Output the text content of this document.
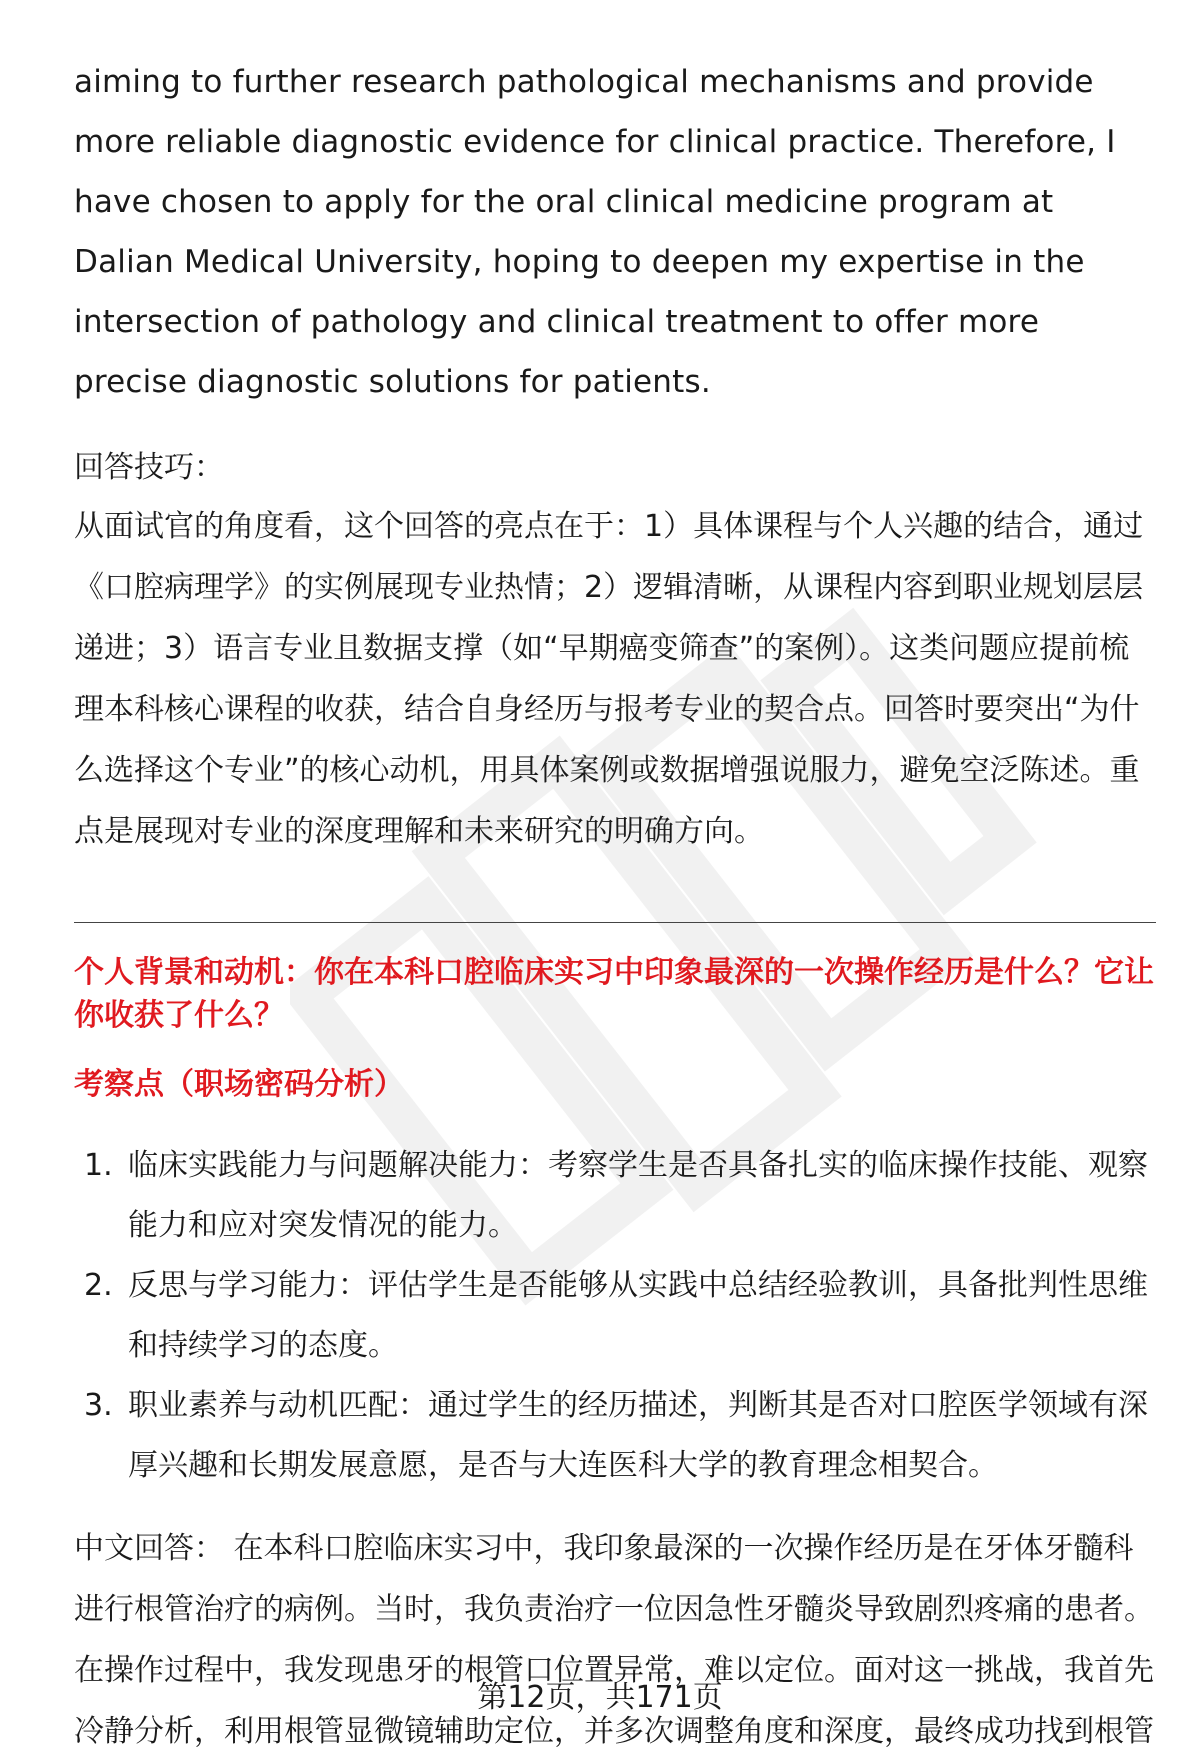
aiming to further research pathological mechanisms and provide more reliable diagnostic evidence for clinical practice. Therefore, I have chosen to apply for the oral clinical medicine program at Dalian Medical University, hoping to deepen my expertise in the intersection of pathology and clinical treatment to offer more precise diagnostic solutions for patients.

回答技巧：

从面试官的角度看，这个回答的亮点在于：1）具体课程与个人兴趣的结合，通过《口腔病理学》的实例展现专业热情；2）逻辑清晰，从课程内容到职业规划层层递进；3）语言专业且数据支撑（如“早期癌变筛查”的案例）。这类问题应提前梳理本科核心课程的收获，结合自身经历与报考专业的契合点。回答时要突出“为什么选择这个专业”的核心动机，用具体案例或数据增强说服力，避免空泛陈述。重点是展现对专业的深度理解和未来研究的明确方向。

个人背景和动机：你在本科口腔临床实习中印象最深的一次操作经历是什么？它让你收获了什么？

考察点（职场密码分析）

1. 临床实践能力与问题解决能力：考察学生是否具备扎实的临床操作技能、观察能力和应对突发情况的能力。
2. 反思与学习能力：评估学生是否能够从实践中总结经验教训，具备批判性思维和持续学习的态度。
3. 职业素养与动机匹配：通过学生的经历描述，判断其是否对口腔医学领域有深厚兴趣和长期发展意愿，是否与大连医科大学的教育理念相契合。

中文回答： 在本科口腔临床实习中，我印象最深的一次操作经历是在牙体牙髓科进行根管治疗的病例。当时，我负责治疗一位因急性牙髓炎导致剧烈疼痛的患者。在操作过程中，我发现患牙的根管口位置异常，难以定位。面对这一挑战，我首先冷静分析，利用根管显微镜辅助定位，并多次调整角度和深度，最终成功找到根管

第12页，共171页
